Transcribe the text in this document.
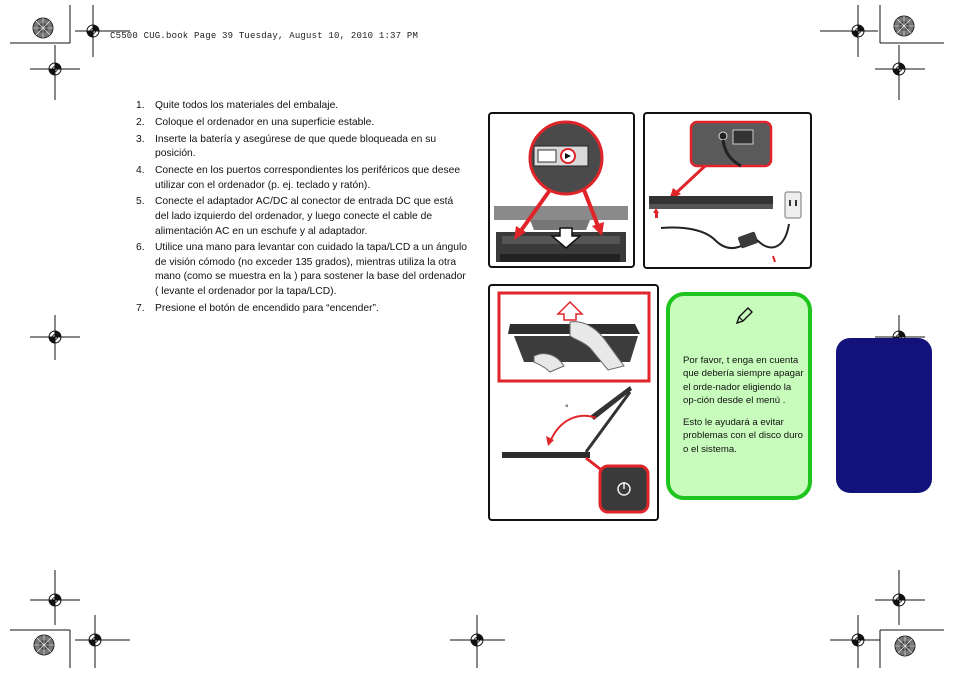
C5500 CUG.book Page 39 Tuesday, August 10, 2010 1:37 PM
1.	Quite todos los materiales del embalaje.
2.	Coloque el ordenador en una superficie estable.
3.	Inserte la batería y asegúrese de que quede bloqueada en su posición.
4.	Conecte en los puertos correspondientes los periféricos que desee utilizar con el ordenador (p. ej. teclado y ratón).
5.	Conecte el adaptador AC/DC al conector de entrada DC que está del lado izquierdo del ordenador, y luego conecte el cable de alimentación AC en un eschufe y al adaptador.
6.	Utilice una mano para levantar con cuidado la tapa/LCD a un ángulo de visión cómodo (no exceder 135 grados), mientras utiliza la otra mano (como se muestra en la ) para sostener la base del ordenador ( levante el ordenador por la tapa/LCD).
7.	Presione el botón de encendido para “encender”.
°

Por favor, t enga en cuenta que debería siempre apagar el orde-nador eligiendo la op-ción desde el menú .

Esto le ayudará a evitar problemas con el disco duro o el sistema.
